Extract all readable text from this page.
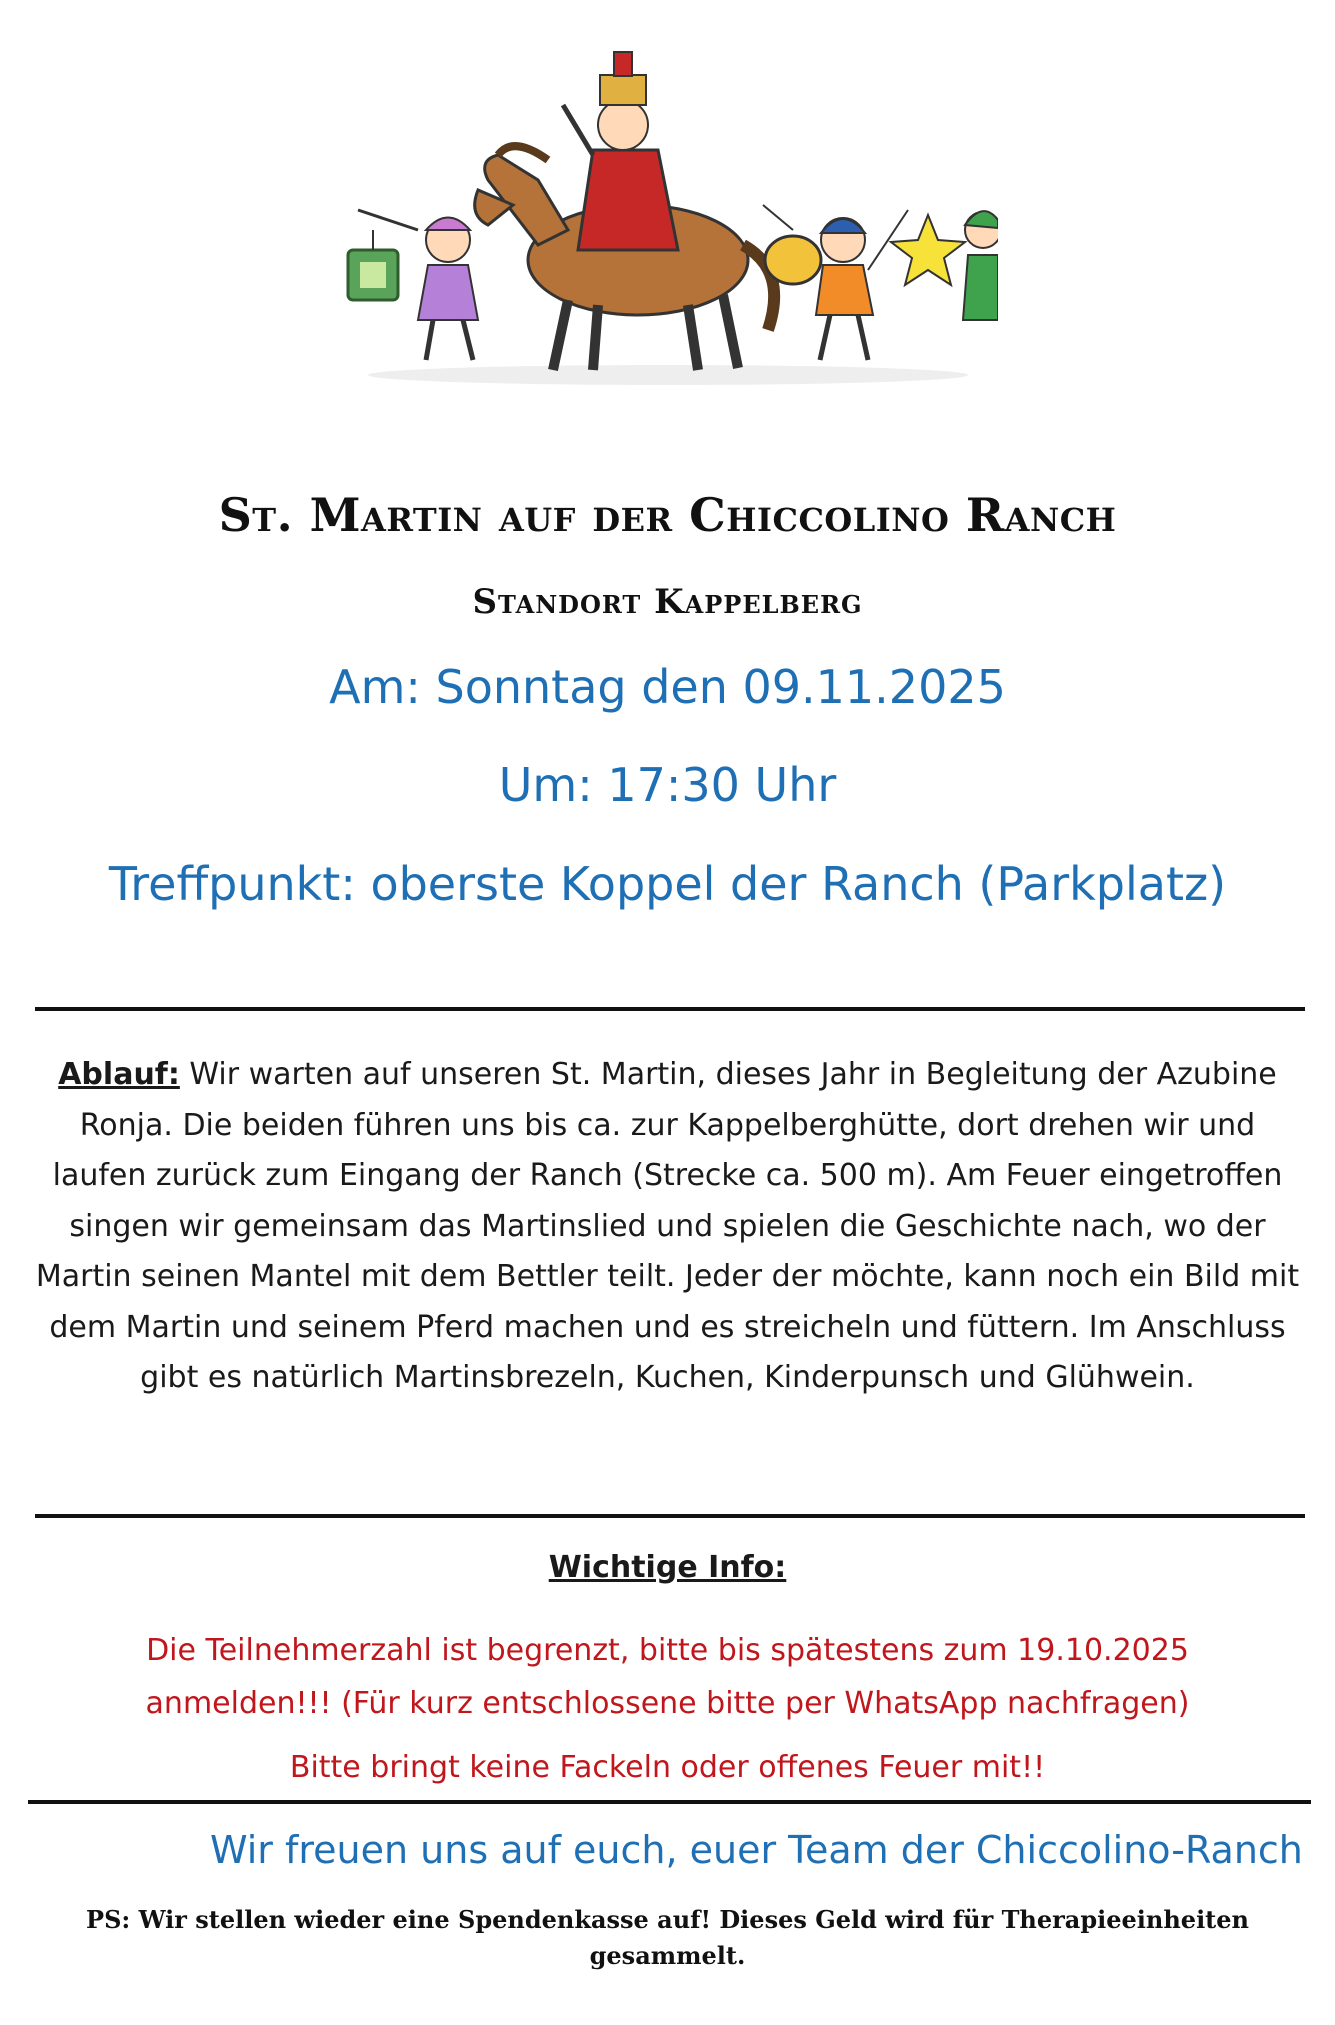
St. Martin auf der Chiccolino Ranch
Standort Kappelberg
Am: Sonntag den 09.11.2025
Um: 17:30 Uhr
Treffpunkt: oberste Koppel der Ranch (Parkplatz)
Ablauf: Wir warten auf unseren St. Martin, dieses Jahr in Begleitung der Azubine Ronja. Die beiden führen uns bis ca. zur Kappelberghütte, dort drehen wir und laufen zurück zum Eingang der Ranch (Strecke ca. 500 m). Am Feuer eingetroffen singen wir gemeinsam das Martinslied und spielen die Geschichte nach, wo der Martin seinen Mantel mit dem Bettler teilt. Jeder der möchte, kann noch ein Bild mit dem Martin und seinem Pferd machen und es streicheln und füttern. Im Anschluss gibt es natürlich Martinsbrezeln, Kuchen, Kinderpunsch und Glühwein.
Wichtige Info:
Die Teilnehmerzahl ist begrenzt, bitte bis spätestens zum 19.10.2025 anmelden!!! (Für kurz entschlossene bitte per WhatsApp nachfragen)
Bitte bringt keine Fackeln oder offenes Feuer mit!!
Wir freuen uns auf euch, euer Team der Chiccolino-Ranch
PS: Wir stellen wieder eine Spendenkasse auf! Dieses Geld wird für Therapieeinheiten gesammelt.
